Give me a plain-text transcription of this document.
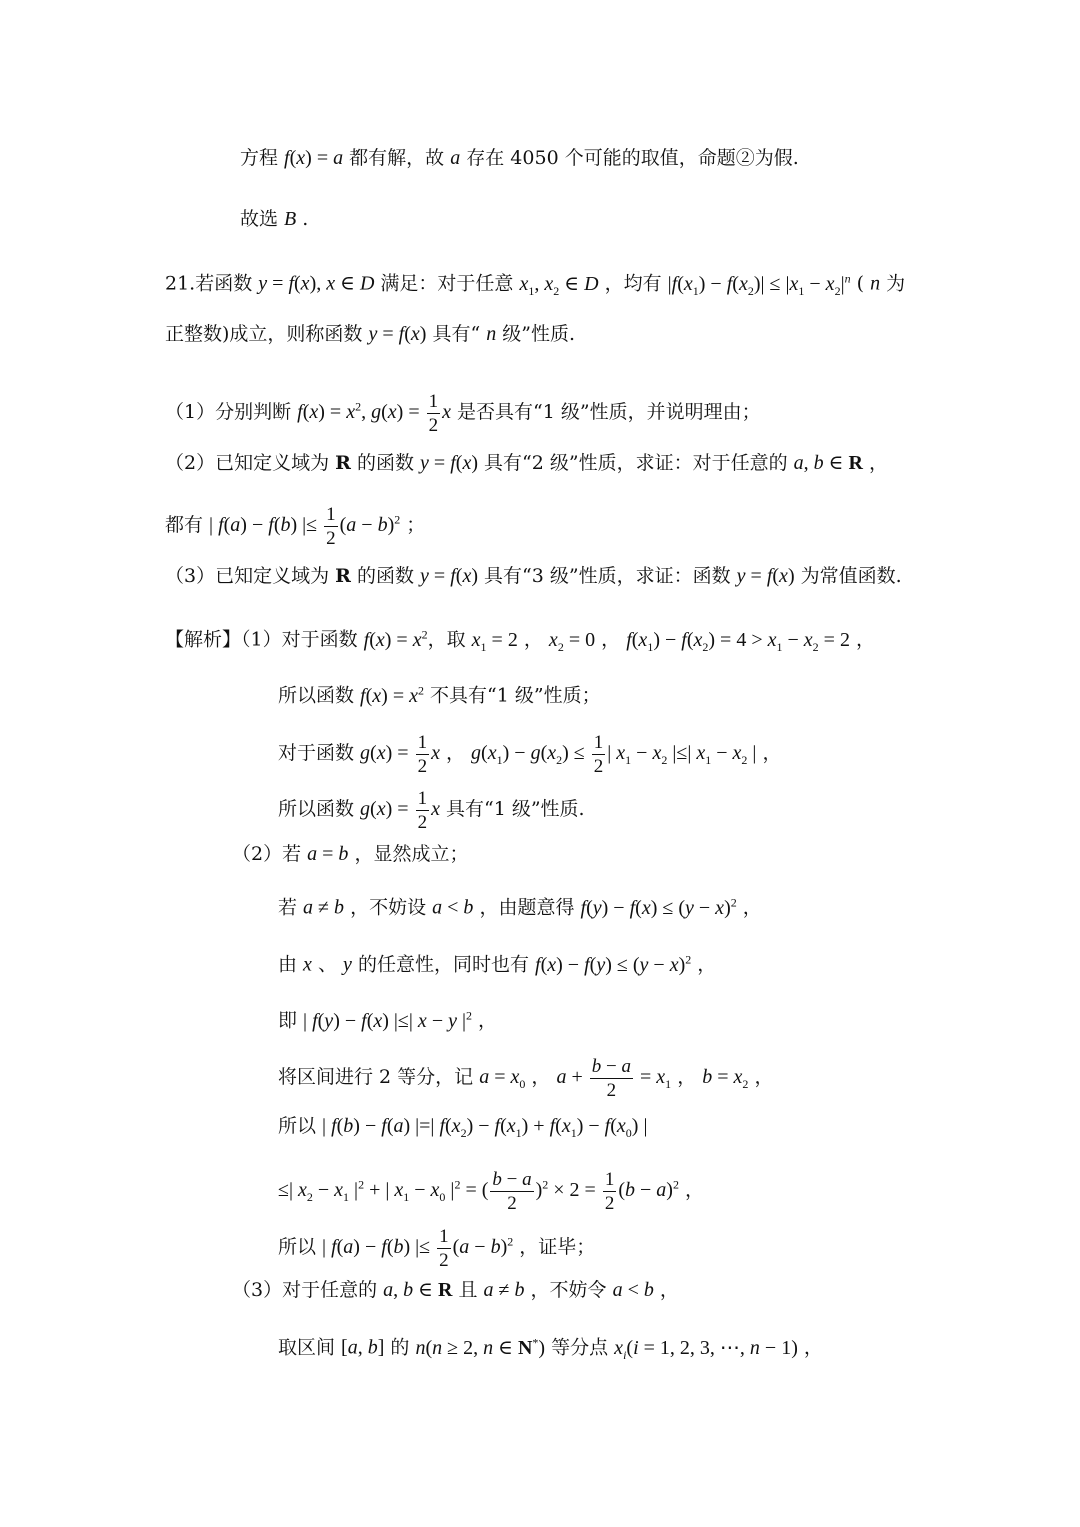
方程 f(x) = a 都有解，故 a 存在 4050 个可能的取值，命题②为假.
故选 B .
21.若函数 y = f(x), x ∈ D 满足：对于任意 $x_1$, $x_2$ ∈ D ，均有 $|f(x_1) - f(x_2)| \le |x_1 - x_2|^n$ ( n 为
正整数)成立，则称函数 y = f(x) 具有“ n 级”性质.
（1）分别判断 $f(x) = x^2$, $g(x) = \frac{1}{2}$ x 是否具有“1 级”性质，并说明理由；
（2）已知定义域为 R 的函数 y = f(x) 具有“2 级”性质，求证：对于任意的 a, b ∈ R ，
都有 | f(a) − f(b) |≤ $\frac{1}{2} (a - b)^2$ ；
（3）已知定义域为 R 的函数 y = f(x) 具有“3 级”性质，求证：函数 y = f(x) 为常值函数.
【解析】（1）对于函数 $f(x) = x^2$，取 $x_1 = 2$ ， $x_2 = 0$ ， $f(x_1) - f(x_2) = 4 > x_1 - x_2 = 2$ ，
所以函数 $f(x) = x^2$ 不具有“1 级”性质；
对于函数 $g(x) = \frac{1}{2}$ x ， $g(x_1) - g(x_2) \le \frac{1}{2}$ | $x_1 - x_2$ |≤| $x_1 - x_2$ | ，
所以函数 $g(x) = \frac{1}{2}$ x 具有“1 级”性质.
（2）若 a = b ，显然成立；
若 a ≠ b ，不妨设 a < b ，由题意得 $f(y) - f(x) \le (y - x)^2$ ，
由 x 、 y 的任意性，同时也有 $f(x) - f(y) \le (y - x)^2$ ，
即 | f(y) − f(x) |≤| x − y $|^2$ ，
将区间进行 2 等分，记 $a = x_0$ ， $a + \frac{b - a}{2} = x_1$ ， $b = x_2$ ，
所以 | f(b) − f(a) |=| $f(x_2) - f(x_1) + f(x_1) - f(x_0)$ |
≤| $x_2 - x_1$ $|^2$ + | $x_1 - x_0$ $|^2$ = ( $\frac{b - a}{2} )^2 \times 2 = \frac{1}{2} (b - a)^2$ ，
所以 | f(a) − f(b) |≤ $\frac{1}{2} (a - b)^2$ ，证毕；
（3）对于任意的 a, b ∈ R 且 a ≠ b ，不妨令 a < b ，
取区间 [a, b] 的 n(n ≥ 2, n ∈ N*) 等分点 $x_i(i = 1$, 2, 3, ⋯, n − 1) ，
